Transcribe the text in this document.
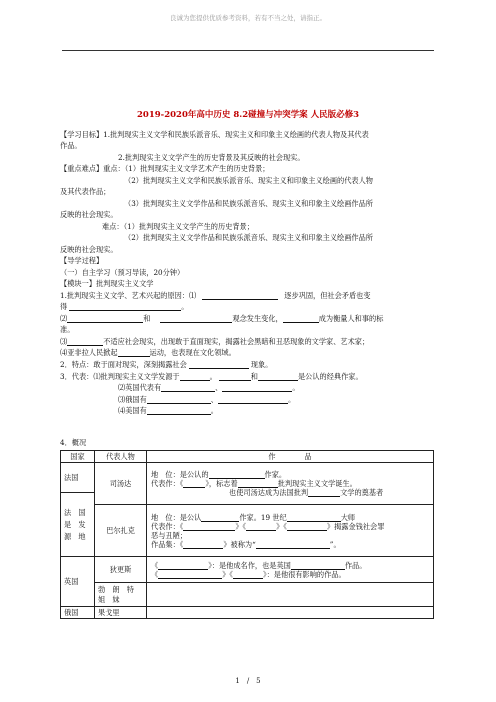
良诚为您提供优质参考资料，若有不当之处，请指正。
2019-2020年高中历史 8.2碰撞与冲突学案 人民版必修3
【学习目标】1.批判现实主义文学和民族乐派音乐、现实主义和印象主义绘画的代表人物及其代表
作品。
2.批判现实主义文学产生的历史背景及其反映的社会现实。
【重点难点】重点：（1）批判现实主义文学艺术产生的历史背景；
（2）批判现实主义文学和民族乐派音乐、现实主义和印象主义绘画的代表人物
及其代表作品；
（3）批判现实主义文学作品和民族乐派音乐、现实主义和印象主义绘画作品所
反映的社会现实。
难点：（1）批判现实主义文学产生的历史背景；
（2）批判现实主义文学作品和民族乐派音乐、现实主义和印象主义绘画作品所
反映的社会现实。
【导学过程】
（一）自主学习（预习导读，20分钟）
【模块一】批判现实主义文学
1.批判现实主义文学、艺术兴起的原因：⑴	逐步巩固，但社会矛盾也变
得	。
⑵	和	观念发生变化，	成为衡量人和事的标
准。
⑶	不适应社会现实，出现敢于直面现实，揭露社会黑暗和丑恶现象的文学家、艺术家；
⑷亚非拉人民掀起	运动，也表现在文化领域。
2．特点：敢于面对现实，深刻揭露社会	现象。
3．代表：⑴批判现实主义文学发源于	。	和	是公认的经典作家。
⑵英国代表有	、	。
⑶俄国有	、	。
⑷美国有	。
4．概况
国家	代表人物	作　　　　品
法国	司汤达	地　位：是公认的 作家。
代表作：《 》，标志着 批判现实主义文学诞生。
也使司汤达成为法国批判 文学的奠基者

法　国　是　发　源　地		
	巴尔扎克	地　位：是公认 作家。19 世纪 大师
代表作：《 》《 》《 》揭露金钱社会罪
恶与丑陋；
作品集：《 》被称为“ ”。

英国	狄更斯	《 》：是他成名作，也是英国 作品。
《 》《 》：是他很有影响的作品。

	勃　朗　特　姐　妹	
俄国	果戈里	
1　/　5
